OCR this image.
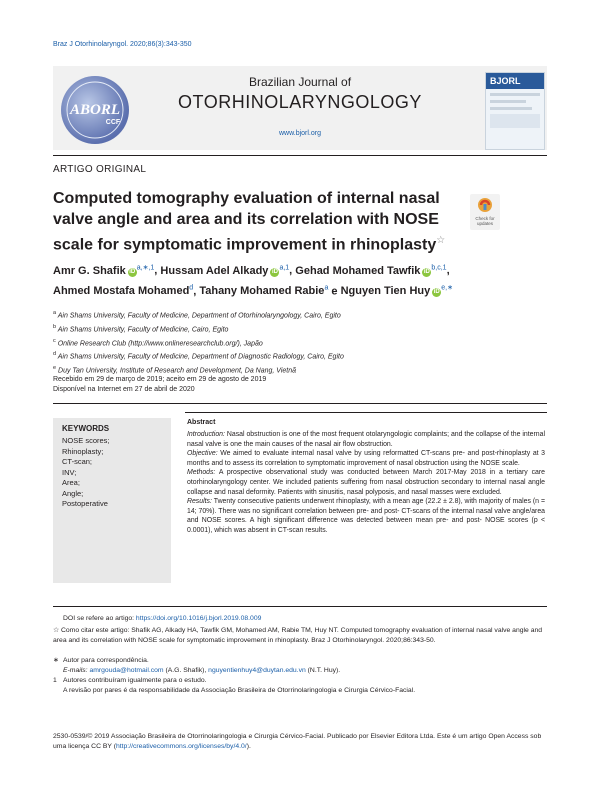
Braz J Otorhinolaryngol. 2020;86(3):343-350
ABORL
CCF
Brazilian Journal of
OTORHINOLARYNGOLOGY
www.bjorl.org
BJORL
ARTIGO ORIGINAL
Computed tomography evaluation of internal nasal valve angle and area and its correlation with NOSE scale for symptomatic improvement in rhinoplasty☆
Check for updates
Amr G. Shafik $iD^{a,∗,1}$, Hussam Adel Alkady iD$^{a,1}$, Gehad Mohamed Tawfik iD$^{b,c,1}$,
Ahmed Mostafa Mohamed$^d$, Tahany Mohamed Rabie$^a$ e Nguyen Tien Huy $iD^{e,∗}$
$^a$ Ain Shams University, Faculty of Medicine, Department of Otorhinolaryngology, Cairo, Egito
$^b$ Ain Shams University, Faculty of Medicine, Cairo, Egito
$^c$ Online Research Club (http://www.onlineresearchclub.org/), Japão
$^d$ Ain Shams University, Faculty of Medicine, Department of Diagnostic Radiology, Cairo, Egito
$^e$ Duy Tan University, Institute of Research and Development, Da Nang, Vietnã
Recebido em 29 de março de 2019; aceito em 29 de agosto de 2019
Disponível na Internet em 27 de abril de 2020
KEYWORDS
NOSE scores;
Rhinoplasty;
CT-scan;
INV;
Area;
Angle;
Postoperative
Abstract

Introduction: Nasal obstruction is one of the most frequent otolaryngologic complaints; and the collapse of the internal nasal valve is one the main causes of the nasal air flow obstruction.

Objective: We aimed to evaluate internal nasal valve by using reformatted CT-scans pre- and post-rhinoplasty at 3 months and to assess its correlation to symptomatic improvement of nasal obstruction using the NOSE scale.

Methods: A prospective observational study was conducted between March 2017-May 2018 in a tertiary care otorhinolaryngology center. We included patients suffering from nasal obstruction secondary to internal nasal angle collapse and nasal deformity. Patients with sinusitis, nasal polyposis, and nasal masses were excluded.

Results: Twenty consecutive patients underwent rhinoplasty, with a mean age (22.2 ± 2.8), with majority of males (n = 14; 70%). There was no significant correlation between pre- and post- CT-scans of the internal nasal valve angle/area and NOSE scores. A high significant difference was detected between mean pre- and post- NOSE scores (p < 0.0001), which was absent in CT-scan results.

DOI se refere ao artigo: https://doi.org/10.1016/j.bjorl.2019.08.009
☆ Como citar este artigo: Shafik AG, Alkady HA, Tawfik GM, Mohamed AM, Rabie TM, Huy NT. Computed tomography evaluation of internal nasal valve angle and area and its correlation with NOSE scale for symptomatic improvement in rhinoplasty. Braz J Otorhinolaryngol. 2020;86:343-50.
∗ Autor para correspondência.
E-mails: amrgouda@hotmail.com (A.G. Shafik), nguyentienhuy4@duytan.edu.vn (N.T. Huy).
1 Autores contribuíram igualmente para o estudo.
A revisão por pares é da responsabilidade da Associação Brasileira de Otorrinolaringologia e Cirurgia Cérvico-Facial.
2530-0539/© 2019 Associação Brasileira de Otorrinolaringologia e Cirurgia Cérvico-Facial. Publicado por Elsevier Editora Ltda. Este é um artigo Open Access sob uma licença CC BY (http://creativecommons.org/licenses/by/4.0/).
